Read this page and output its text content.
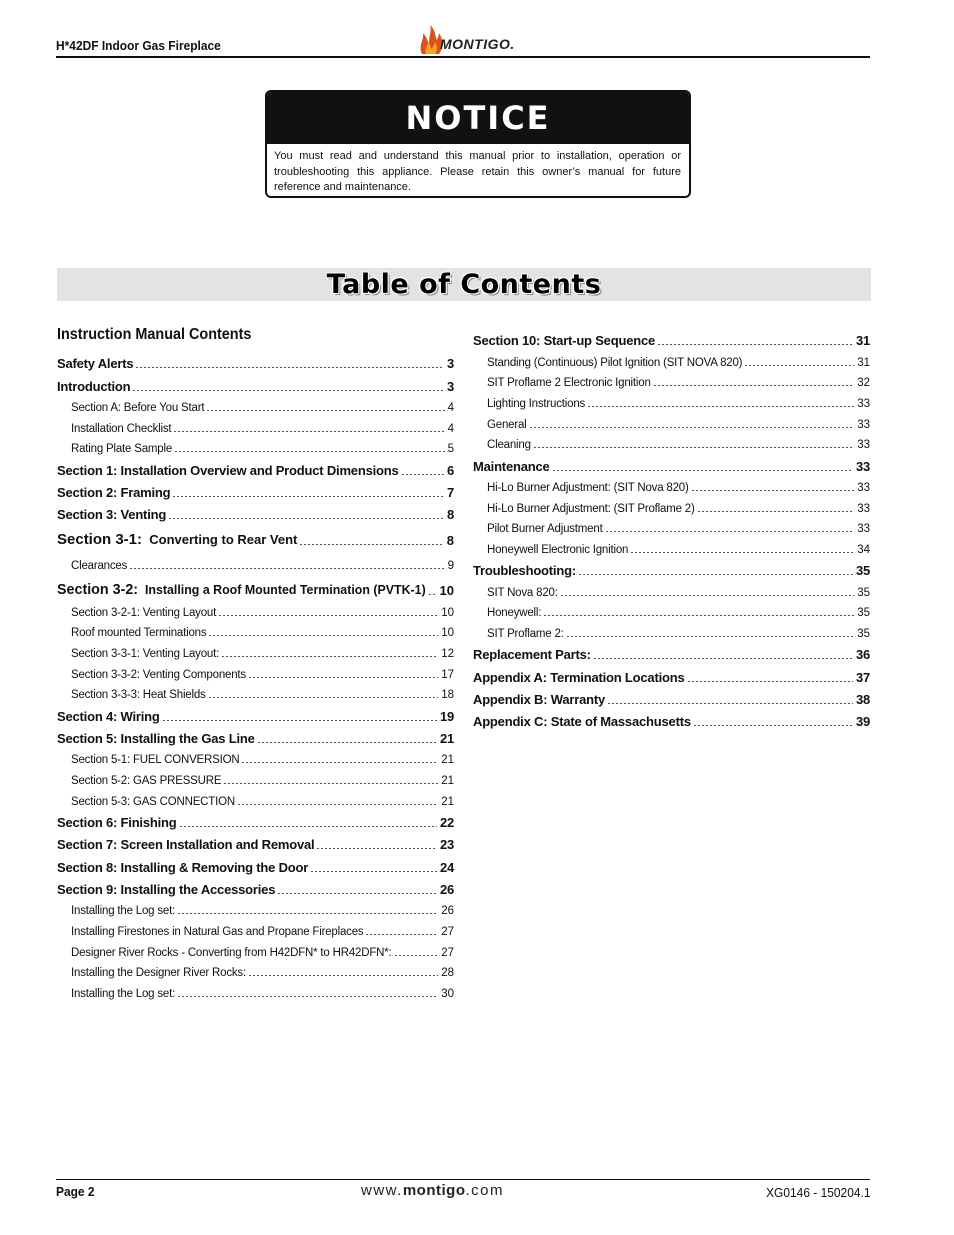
H*42DF Indoor Gas Fireplace	MONTIGO.
NOTICE
You must read and understand this manual prior to installation, operation or troubleshooting this appliance. Please retain this owner’s manual for future reference and maintenance.
Table of Contents
Instruction Manual Contents
Safety Alerts	3
Introduction	3
Section A: Before You Start	4
Installation Checklist	4
Rating Plate Sample	5
Section 1: Installation Overview and Product Dimensions	6
Section 2: Framing	7
Section 3: Venting	8
Section 3-1: Converting to Rear Vent	8
Clearances	9
Section 3-2: Installing a Roof Mounted Termination (PVTK-1) 10
Section 3-2-1: Venting Layout	10
Roof mounted Terminations	10
Section 3-3-1: Venting Layout:	12
Section 3-3-2: Venting Components	17
Section 3-3-3: Heat Shields	18
Section 4: Wiring	19
Section 5: Installing the Gas Line	21
Section 5-1: FUEL CONVERSION	21
Section 5-2: GAS PRESSURE	21
Section 5-3: GAS CONNECTION	21
Section 6: Finishing	22
Section 7: Screen Installation and Removal	23
Section 8: Installing & Removing the Door	24
Section 9: Installing the Accessories	26
Installing the Log set:	26
Installing Firestones in Natural Gas and Propane Fireplaces	27
Designer River Rocks - Converting from H42DFN* to HR42DFN*:	27
Installing the Designer River Rocks:	28
Installing the Log set:	30
Section 10: Start-up Sequence	31
Standing (Continuous) Pilot Ignition (SIT NOVA 820)	31
SIT Proflame 2 Electronic Ignition	32
Lighting Instructions	33
General	33
Cleaning	33
Maintenance	33
Hi-Lo Burner Adjustment: (SIT Nova 820)	33
Hi-Lo Burner Adjustment: (SIT Proflame 2)	33
Pilot Burner Adjustment	33
Honeywell Electronic Ignition	34
Troubleshooting:	35
SIT Nova 820:	35
Honeywell:	35
SIT Proflame 2:	35
Replacement Parts:	36
Appendix A: Termination Locations	37
Appendix B: Warranty	38
Appendix C: State of Massachusetts	39
Page 2	www.montigo.com	XG0146 - 150204.1
